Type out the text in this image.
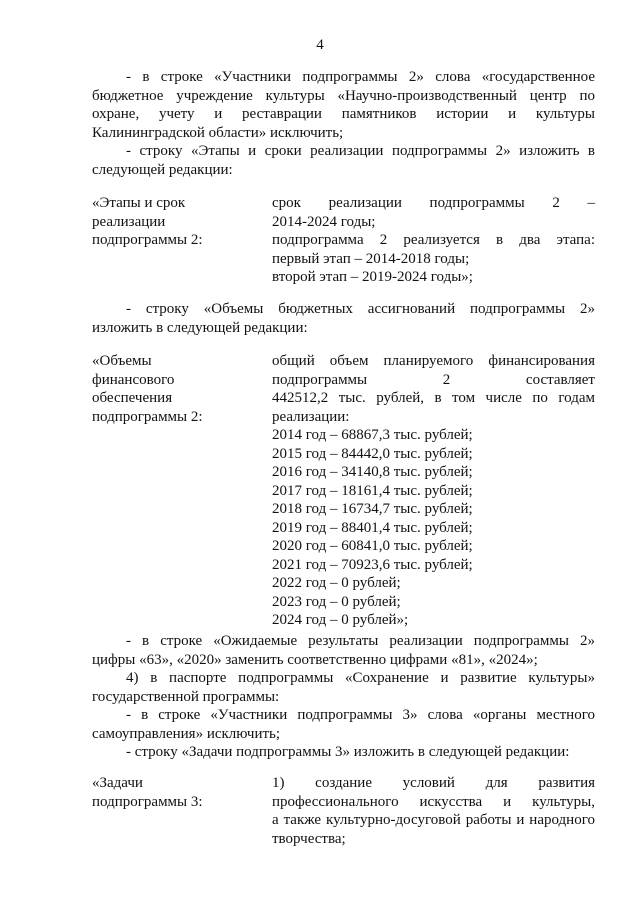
4
- в строке «Участники подпрограммы 2» слова «государственное
бюджетное учреждение культуры «Научно-производственный центр по
охране, учету и реставрации памятников истории и культуры
Калининградской области» исключить;
- строку «Этапы и сроки реализации подпрограммы 2» изложить в
следующей редакции:
«Этапы и срок
реализации
подпрограммы 2:
срок реализации подпрограммы 2 –
2014-2024 годы;
подпрограмма 2 реализуется в два этапа:
первый этап – 2014-2018 годы;
второй этап – 2019-2024 годы»;
- строку «Объемы бюджетных ассигнований подпрограммы 2»
изложить в следующей редакции:
«Объемы
финансового
обеспечения
подпрограммы 2:
общий объем планируемого финансирования
подпрограммы 2 составляет
442512,2 тыс. рублей, в том числе по годам
реализации:
2014 год – 68867,3 тыс. рублей;
2015 год – 84442,0 тыс. рублей;
2016 год – 34140,8 тыс. рублей;
2017 год – 18161,4 тыс. рублей;
2018 год – 16734,7 тыс. рублей;
2019 год – 88401,4 тыс. рублей;
2020 год – 60841,0 тыс. рублей;
2021 год – 70923,6 тыс. рублей;
2022 год – 0 рублей;
2023 год – 0 рублей;
2024 год – 0 рублей»;
- в строке «Ожидаемые результаты реализации подпрограммы 2»
цифры «63», «2020» заменить соответственно цифрами «81», «2024»;
4) в паспорте подпрограммы «Сохранение и развитие культуры»
государственной программы:
- в строке «Участники подпрограммы 3» слова «органы местного
самоуправления» исключить;
- строку «Задачи подпрограммы 3» изложить в следующей редакции:
«Задачи
подпрограммы 3:
1) создание условий для развития
профессионального искусства и культуры,
а также культурно-досуговой работы и народного
творчества;
